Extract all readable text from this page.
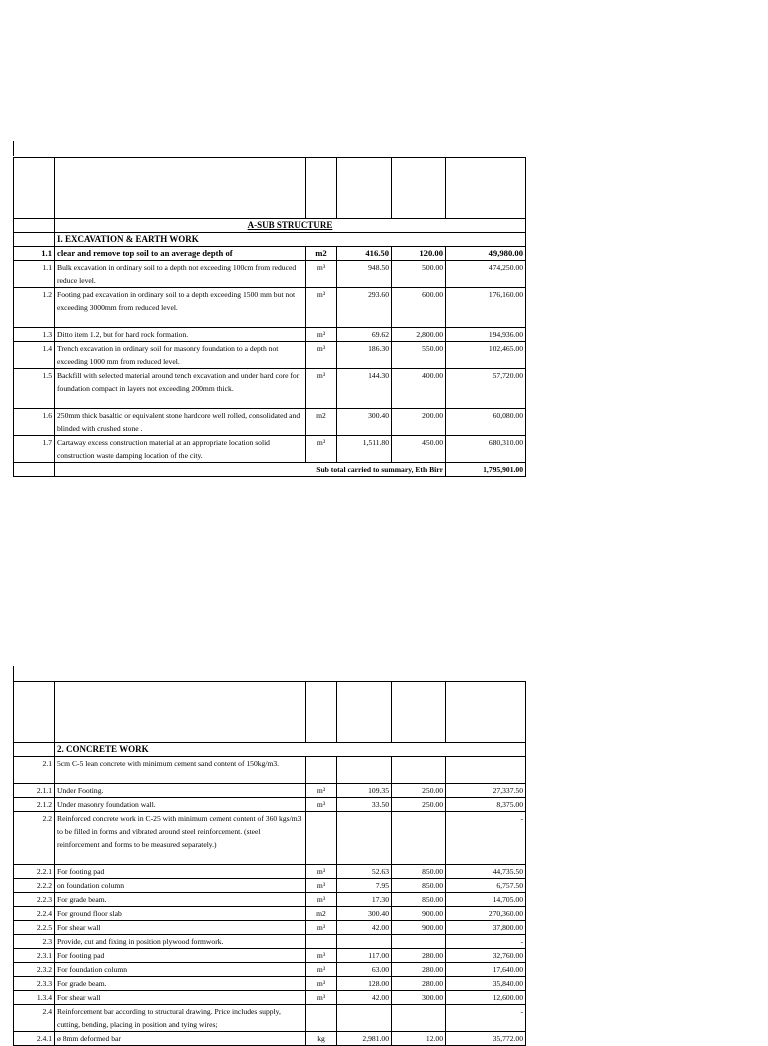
	A-SUB STRUCTURE				
	I. EXCAVATION & EARTH WORK				
1.1	clear and remove top soil to an average depth of	m2	416.50	120.00	49,980.00
1.1	Bulk excavation in ordinary soil to a depth not exceeding 100cm from reduced reduce level.	m³	948.50	500.00	474,250.00
1.2	Footing pad excavation in ordinary soil to a depth exceeding 1500 mm but not exceeding 3000mm from reduced level.	m³	293.60	600.00	176,160.00
1.3	Ditto item 1.2, but for hard rock formation.	m³	69.62	2,800.00	194,936.00
1.4	Trench excavation in ordinary soil for masonry foundation to a depth not exceeding 1000 mm from reduced level.	m³	186.30	550.00	102,465.00
1.5	Backfill with selected material around tench excavation and under hard core for foundation compact in layers not exceeding 200mm thick.	m³	144.30	400.00	57,720.00
1.6	250mm thick basaltic or equivalent stone hardcore well rolled, consolidated and blinded with crushed stone .	m2	300.40	200.00	60,080.00
1.7	Cartaway excess construction material at an appropriate location solid construction waste damping location of the city.	m³	1,511.80	450.00	680,310.00
	Sub total carried to summary, Eth Birr				1,795,901.00

	2. CONCRETE WORK				
2.1	5cm C-5 lean concrete with minimum cement sand content of 150kg/m3.				
2.1.1	Under Footing.	m³	109.35	250.00	27,337.50
2.1.2	Under masonry foundation wall.	m³	33.50	250.00	8,375.00
2.2	Reinforced concrete work in C-25 with minimum cement content of 360 kgs/m3 to be filled in forms and vibrated around steel reinforcement. (steel reinforcement and forms to be measured separately.)				-
2.2.1	For footing pad	m³	52.63	850.00	44,735.50
2.2.2	on foundation column	m³	7.95	850.00	6,757.50
2.2.3	For grade beam.	m³	17.30	850.00	14,705.00
2.2.4	For ground floor slab	m2	300.40	900.00	270,360.00
2.2.5	For shear wall	m³	42.00	900.00	37,800.00
2.3	Provide, cut and fixing in position plywood formwork.				-
2.3.1	For footing pad	m³	117.00	280.00	32,760.00
2.3.2	For foundation column	m³	63.00	280.00	17,640.00
2.3.3	For grade beam.	m³	128.00	280.00	35,840.00
1.3.4	For shear wall	m³	42.00	300.00	12,600.00
2.4	Reinforcement bar according to structural drawing. Price includes supply, cutting, bending, placing in position and tying wires;				-
2.4.1	ø 8mm deformed bar	kg	2,981.00	12.00	35,772.00
